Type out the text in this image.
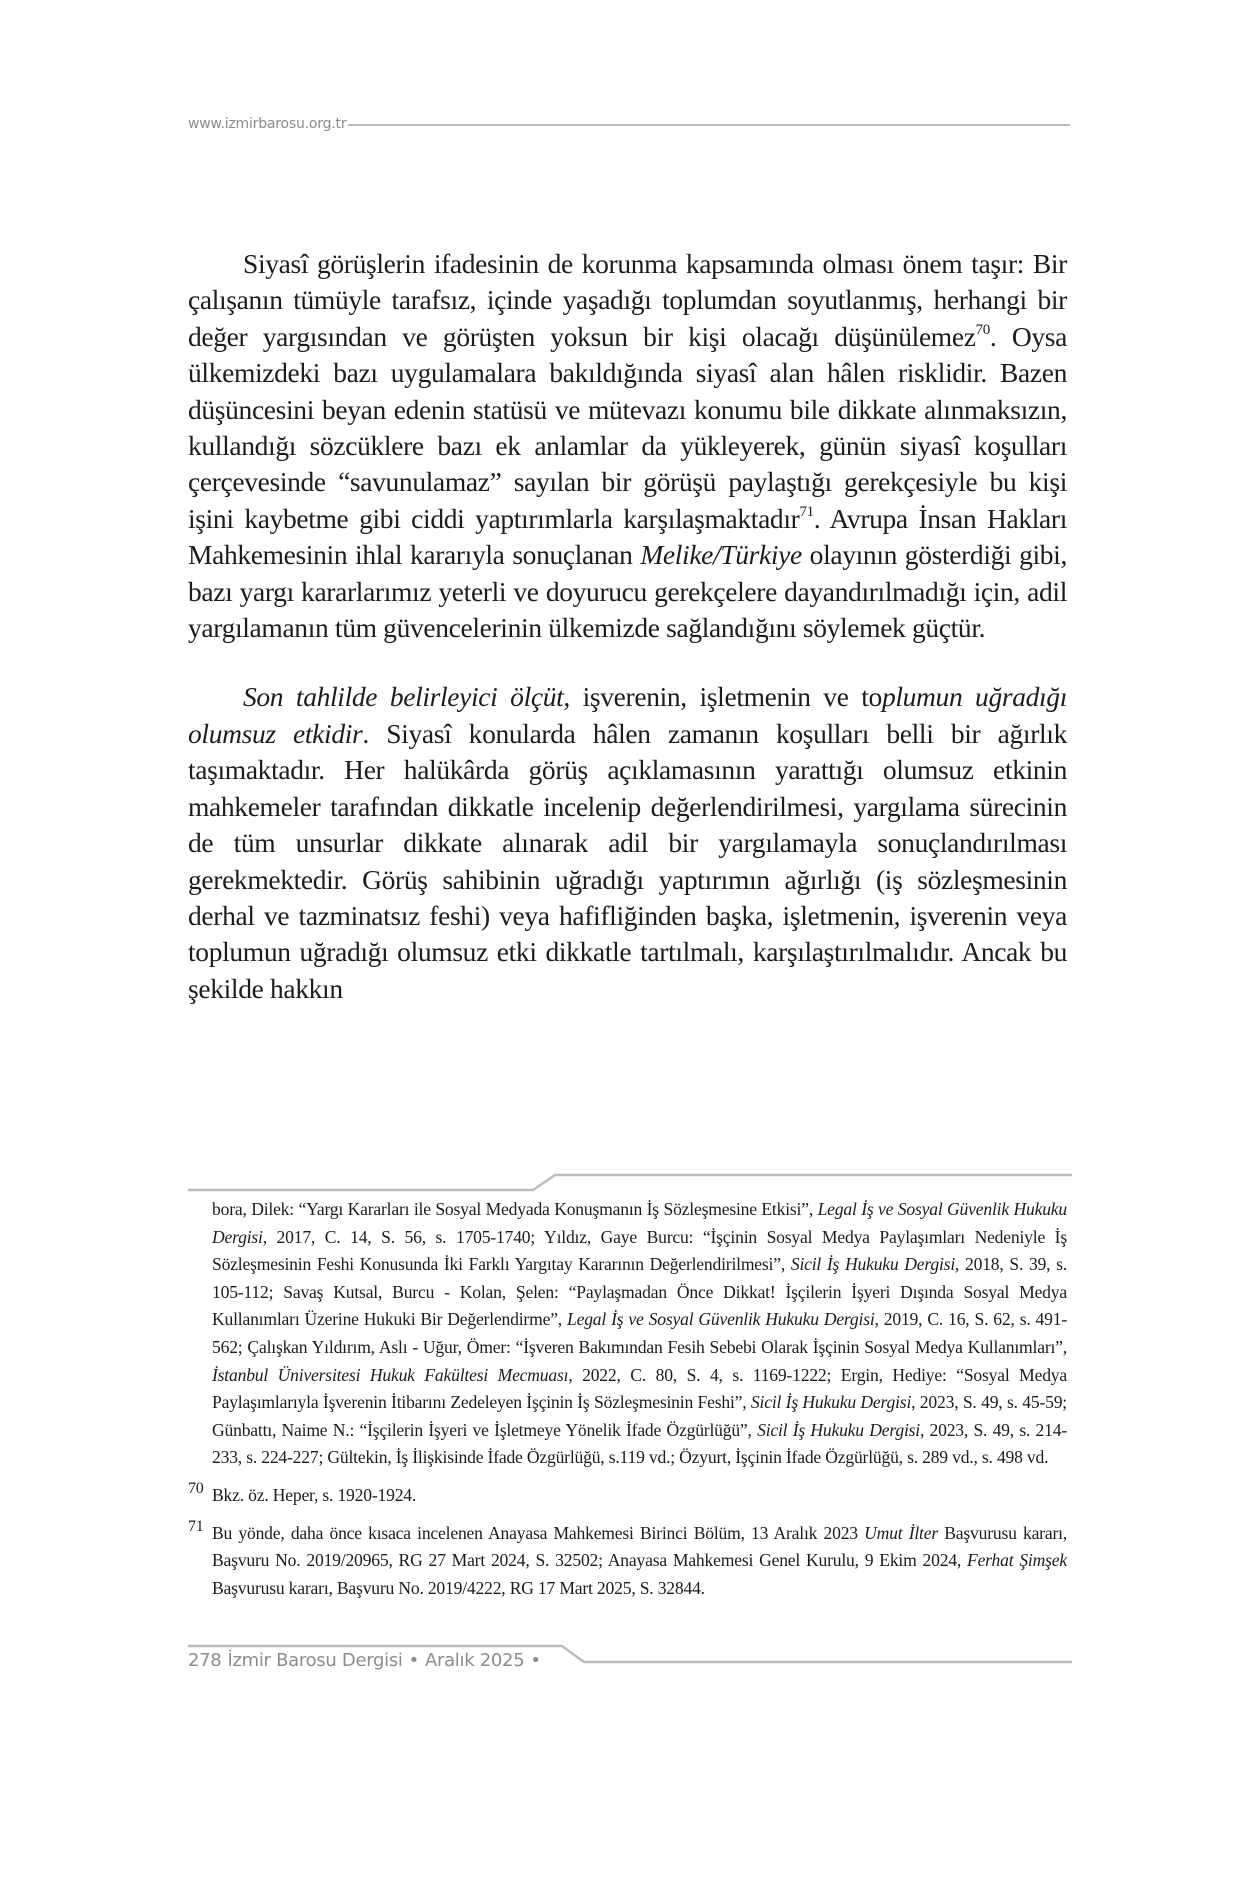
www.izmirbarosu.org.tr

Siyasî görüşlerin ifadesinin de korunma kapsamında olması önem taşır: Bir çalışanın tümüyle tarafsız, içinde yaşadığı toplumdan soyutlanmış, herhangi bir değer yargısından ve görüşten yoksun bir kişi olacağı düşünülemez$^{70}$. Oysa ülkemizdeki bazı uygulamalara bakıldığında siyasî alan hâlen risklidir. Bazen düşüncesini beyan edenin statüsü ve mütevazı konumu bile dikkate alınmaksızın, kullandığı sözcüklere bazı ek anlamlar da yükleyerek, günün siyasî koşulları çerçevesinde “savunulamaz” sayılan bir görüşü paylaştığı gerekçesiyle bu kişi işini kaybetme gibi ciddi yaptırımlarla karşılaşmaktadır$^{71}$. Avrupa İnsan Hakları Mahkemesinin ihlal kararıyla sonuçlanan Melike/Türkiye olayının gösterdiği gibi, bazı yargı kararlarımız yeterli ve doyurucu gerekçelere dayandırılmadığı için, adil yargılamanın tüm güvencelerinin ülkemizde sağlandığını söylemek güçtür.

Son tahlilde belirleyici ölçüt, işverenin, işletmenin ve toplumun uğradığı olumsuz etkidir. Siyasî konularda hâlen zamanın koşulları belli bir ağırlık taşımaktadır. Her halükârda görüş açıklamasının yarattığı olumsuz etkinin mahkemeler tarafından dikkatle incelenip değerlendirilmesi, yargılama sürecinin de tüm unsurlar dikkate alınarak adil bir yargılamayla sonuçlandırılması gerekmektedir. Görüş sahibinin uğradığı yaptırımın ağırlığı (iş sözleşmesinin derhal ve tazminatsız feshi) veya hafifliğinden başka, işletmenin, işverenin veya toplumun uğradığı olumsuz etki dikkatle tartılmalı, karşılaştırılmalıdır. Ancak bu şekilde hakkın

bora, Dilek: “Yargı Kararları ile Sosyal Medyada Konuşmanın İş Sözleşmesine Etkisi”, Legal İş ve Sosyal Güvenlik Hukuku Dergisi, 2017, C. 14, S. 56, s. 1705-1740; Yıldız, Gaye Burcu: “İşçinin Sosyal Medya Paylaşımları Nedeniyle İş Sözleşmesinin Feshi Konusunda İki Farklı Yargıtay Kararının Değerlendirilmesi”, Sicil İş Hukuku Dergisi, 2018, S. 39, s. 105-112; Savaş Kutsal, Burcu - Kolan, Şelen: “Paylaşmadan Önce Dikkat! İşçilerin İşyeri Dışında Sosyal Medya Kullanımları Üzerine Hukuki Bir Değerlendirme”, Legal İş ve Sosyal Güvenlik Hukuku Dergisi, 2019, C. 16, S. 62, s. 491-562; Çalışkan Yıldırım, Aslı - Uğur, Ömer: “İşveren Bakımından Fesih Sebebi Olarak İşçinin Sosyal Medya Kullanımları”, İstanbul Üniversitesi Hukuk Fakültesi Mecmuası, 2022, C. 80, S. 4, s. 1169-1222; Ergin, Hediye: “Sosyal Medya Paylaşımlarıyla İşverenin İtibarını Zedeleyen İşçinin İş Sözleşmesinin Feshi”, Sicil İş Hukuku Dergisi, 2023, S. 49, s. 45-59; Günbattı, Naime N.: “İşçilerin İşyeri ve İşletmeye Yönelik İfade Özgürlüğü”, Sicil İş Hukuku Dergisi, 2023, S. 49, s. 214-233, s. 224-227; Gültekin, İş İlişkisinde İfade Özgürlüğü, s.119 vd.; Özyurt, İşçinin İfade Özgürlüğü, s. 289 vd., s. 498 vd.

70 Bkz. öz. Heper, s. 1920-1924.
71 Bu yönde, daha önce kısaca incelenen Anayasa Mahkemesi Birinci Bölüm, 13 Aralık 2023 Umut İlter Başvurusu kararı, Başvuru No. 2019/20965, RG 27 Mart 2024, S. 32502; Anayasa Mahkemesi Genel Kurulu, 9 Ekim 2024, Ferhat Şimşek Başvurusu kararı, Başvuru No. 2019/4222, RG 17 Mart 2025, S. 32844.
278 İzmir Barosu Dergisi • Aralık 2025 •
